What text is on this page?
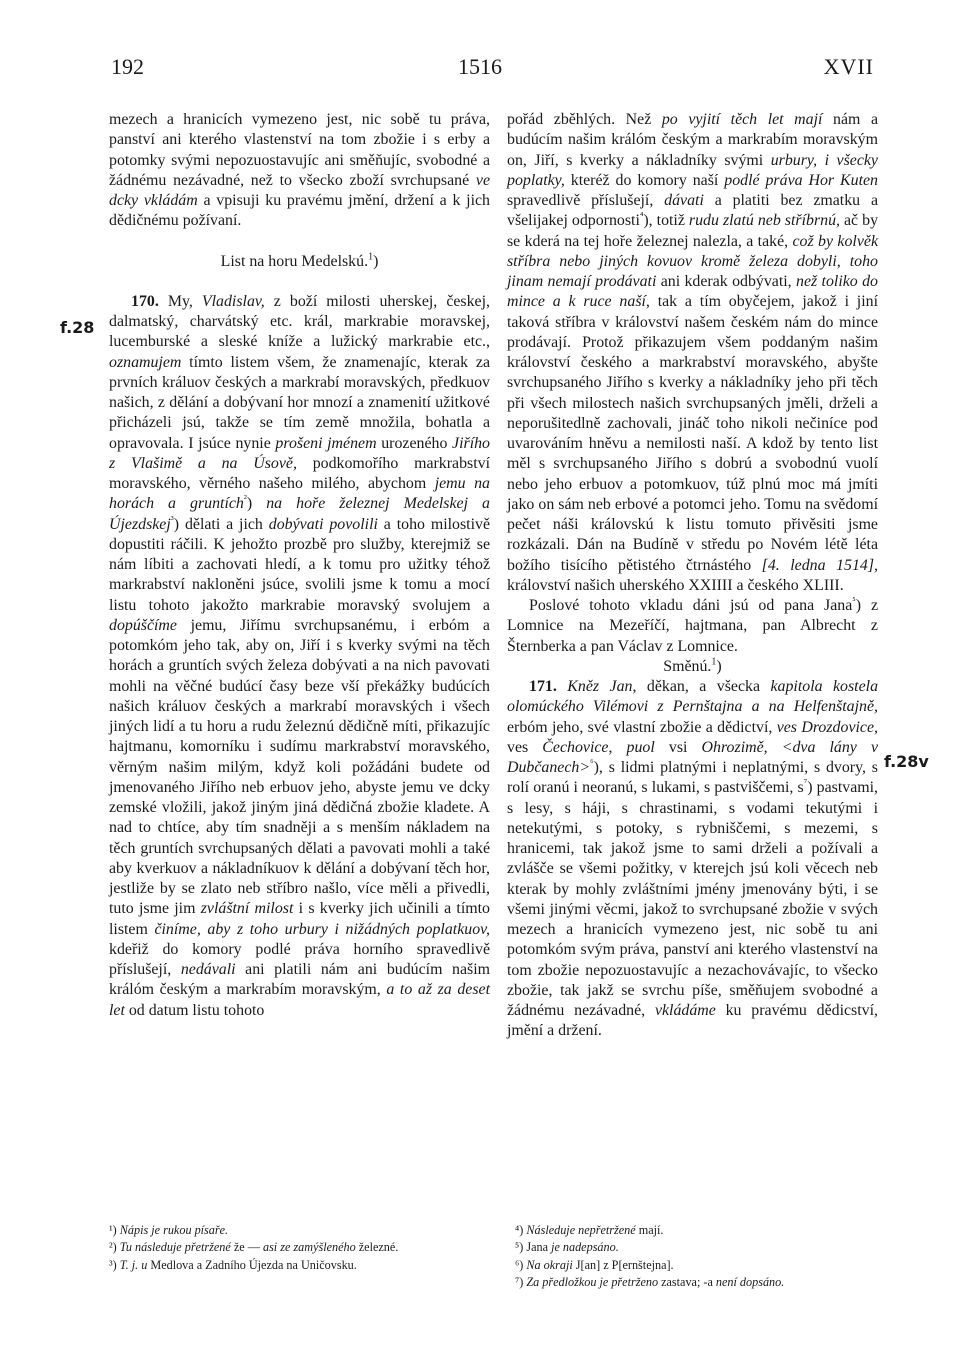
192	1516	XVII
f.28
f.28v

mezech a hranicích vymezeno jest, nic sobě tu práva, panství ani kterého vlastenství na tom zbožie i s erby a potomky svými nepozuostavujíc ani směňujíc, svobodné a žádnému nezávadné, než to všecko zboží svrchupsané ve dcky vkládám a vpisuji ku pravému jmění, držení a k jich dědičnému požívaní.

List na horu Medelskú.$^1$)

170. My, Vladislav, z boží milosti uherskej, českej, dalmatský, charvátský etc. král, markrabie moravskej, lucemburské a sleské kníže a lužický markrabie etc., oznamujem tímto listem všem, že znamenajíc, kterak za prvních králuov českých a markrabí moravských, předkuov našich, z dělání a dobývaní hor mnozí a znamenití užitkové přicházeli jsú, takže se tím země množila, bohatla a opravovala. I jsúce nynie prošeni jménem urozeného Jiřího z Vlašimě a na Úsově, podkomořího markrabství moravského, věrného našeho milého, abychom jemu na horách a gruntích$^{^2}$) na hoře železnej Medelskej a Újezdskej$^{^3}$) dělati a jich dobývati povolili a toho milostivě dopustiti ráčili. K jehožto prozbě pro služby, kterejmiž se nám líbiti a zachovati hledí, a k tomu pro užitky téhož markrabství nakloněni jsúce, svolili jsme k tomu a mocí listu tohoto jakožto markrabie moravský svolujem a dopúščíme jemu, Jiřímu svrchupsanému, i erbóm a potomkóm jeho tak, aby on, Jiří i s kverky svými na těch horách a gruntích svých železa dobývati a na nich pavovati mohli na věčné budúcí časy beze vší překážky budúcích našich králuov českých a markrabí moravských i všech jiných lidí a tu horu a rudu železnú dědičně míti, přikazujíc hajtmanu, komorníku i sudímu markrabství moravského, věrným našim milým, když koli požádáni budete od jmenovaného Jiřího neb erbuov jeho, abyste jemu ve dcky zemské vložili, jakož jiným jiná dědičná zbožie kladete. A nad to chtíce, aby tím snadněji a s menším nákladem na těch gruntích svrchupsaných dělati a pavovati mohli a také aby kverkuov a nákladníkuov k dělání a dobývaní těch hor, jestliže by se zlato neb stříbro našlo, více měli a přivedli, tuto jsme jim zvláštní milost i s kverky jich učinili a tímto listem činíme, aby z toho urbury i nižádných poplatkuov, kdeřiž do komory podlé práva horního spravedlivě příslušejí, nedávali ani platili nám ani budúcím našim králóm českým a markrabím moravským, a to až za deset let od datum listu tohoto

pořád zběhlých. Než po vyjití těch let mají nám a budúcím našim králóm českým a markrabím moravským on, Jiří, s kverky a nákladníky svými urbury, i všecky poplatky, kteréž do komory naší podlé práva Hor Kuten spravedlivě příslušejí, dávati a platiti bez zmatku a všelijakej odpornosti$^{^4}$), totiž rudu zlatú neb stříbrnú, ač by se kderá na tej hoře železnej nalezla, a také, což by kolvěk stříbra nebo jiných kovuov kromě železa dobyli, toho jinam nemají prodávati ani kderak odbývati, než toliko do mince a k ruce naší, tak a tím obyčejem, jakož i jiní taková stříbra v království našem českém nám do mince prodávají. Protož přikazujem všem poddaným našim království českého a markrabství moravského, abyšte svrchupsaného Jiřího s kverky a nákladníky jeho při těch při všech milostech našich svrchupsaných jměli, drželi a neporušitedlně zachovali, jináč toho nikoli nečiníce pod uvarováním hněvu a nemilosti naší. A kdož by tento list měl s svrchupsaného Jiřího s dobrú a svobodnú vuolí nebo jeho erbuov a potomkuov, túž plnú moc má jmíti jako on sám neb erbové a potomci jeho. Tomu na svědomí pečet náši královskú k listu tomuto přivěsiti jsme rozkázali. Dán na Budíně v středu po Novém létě léta božího tisícího pětistého čtrnástého [4. ledna 1514], království našich uherského XXIIII a českého XLIII.

Poslové tohoto vkladu dáni jsú od pana Jana$^{^5}$) z Lomnice na Mezeříčí, hajtmana, pan Albrecht z Šternberka a pan Václav z Lomnice.

Směnú.$^1$)

171. Kněz Jan, děkan, a všecka kapitola kostela olomúckého Vilémovi z Pernštajna a na Helfenštajně, erbóm jeho, své vlastní zbožie a dědictví, ves Drozdovice, ves Čechovice, puol vsi Ohrozimě, <dva lány v Dubčanech>$^{^6}$), s lidmi platnými i neplatnými, s dvory, s rolí oranú i neoranú, s lukami, s pastviščemi, $s^{^7}$) pastvami, s lesy, s háji, s chrastinami, s vodami tekutými i netekutými, s potoky, s rybniščemi, s mezemi, s hranicemi, tak jakož jsme to sami drželi a požívali a zvlášče se všemi požitky, v kterejch jsú koli věcech neb kterak by mohly zvláštními jmény jmenovány býti, i se všemi jinými věcmi, jakož to svrchupsané zbožie v svých mezech a hranicích vymezeno jest, nic sobě tu ani potomkóm svým práva, panství ani kterého vlastenství na tom zbožie nepozuostavujíc a nezachovávajíc, to všecko zbožie, tak jakž se svrchu píše, směňujem svobodné a žádnému nezávadné, vkládáme ku pravému dědicství, jmění a držení.

¹) Nápis je rukou písaře.

²) Tu následuje přetržené že — asi ze zamýšleného železné.

³) T. j. u Medlova a Zadního Újezda na Uničovsku.

⁴) Následuje nepřetržené mají.

⁵) Jana je nadepsáno.

⁶) Na okraji J[an] z P[ernštejna].

⁷) Za předložkou je přetrženo zastava; -a není dopsáno.
